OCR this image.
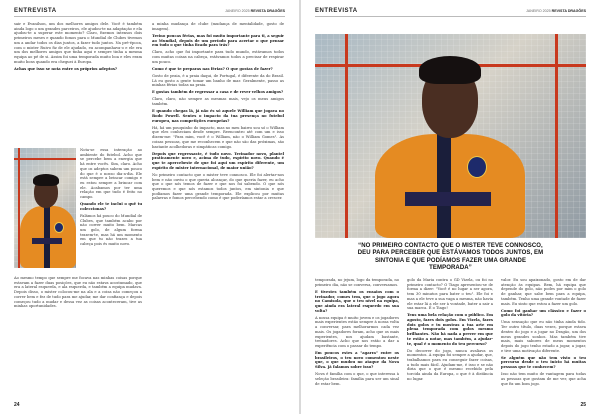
ENTREVISTA	JANEIRO 2025 REVISTA DRAGÕES

sair e Evanilson, um dos melhores amigos dele. Você é também ainda logo o um grandes parceiros, ele ajudou-te na adaptação e ela ajudou-te a superar este momento? Claro, fizemos intensos dois primeiros meses e quando fomos para o Mundial de Clubes tivemos um a andar todos os dias juntos, a fazer tudo juntos. Na pré-época, com o mister Ruivo fiz de ele ajudado, eu acompanhava-o e ele era um dos melhores amigos que tinha aqui e sempre tinha a mesma equipa ao pé de si. Assim foi uma temporada muito boa e eles eram muito bons quando era cheguei à Europa.

Achas que isso se nota entre os próprios adeptos?

Nota-se essa interação ao ambiente do futebol. Acho que se percebe bem a energia que há entre vocês. Sim, claro. Acho que os adeptos sabem um pouco do que é o nosso dia-a-dia. Ele está sempre a brincar comigo e eu estou sempre a brincar com ele. Acabamos por ter uma relação em que tudo é feito no campo.

Quando ele te inclui o quê tu coleccionas?

Falámos há pouco do Mundial de Clubes, que também acabo por não correr muito bem. Marcas um golo, de algum forma trazem-te, mas há um momento em que tu não trazes a tua cabeça pois és muito novo.

Ao mesmo tempo que sempre me focava nas minhas coisas porque estavam a fazer duas posições, que eu não estava acostumado, que era a lateral esquerda, e ala esquerda, e também a equipa mudava. Depois disso, o mister colocou-me na ala e a coisa não começou a correr bem e fez de tudo para me ajudar, me dar confiança e depois começou tudo a mudar e dessa vez as coisas aconteceram, tive as minhas oportunidades.

a minha mudança de clube (mudança de mentalidade, gosto de imagem).

Treino poucas férias, mas foi muito importante para ti, a seguir ao Mundial, depois de um período para acertar o que pensar em tudo o que tinha ficado para trás?

Claro, acho que foi importante para tudo mundo, estávamos todos com muitas coisas na cabeça, estávamos todos a precisar de respirar um pouco.

Como é que te preparas nas férias? O que gostas de fazer?

Gosto de praia, é a praia daqui, de Portugal, é diferente da do Brasil. Lá eu gosto a gente tomar um banho de mar. Geralmente, passo as minhas férias todas na praia.

E gostas também de regressar a casa e de rever velhos amigos?

Claro, claro, não sempre as mesmas mais, vejo os meus amigos também.

E quando chegas lá, já não és só aquele William que jogava no Bodo Powell. Sentes o impacto da tua presença no futebol europeu, nas competições europeias?

Há, há um pouquinho do impacto, mas no meu bairro sou só o William que eles conheciam desde sempre. Reencontro até com um e isso dizem-me: "Para mim, você é o William, não o William Gomes". As coisas pessoas, que me reconhecem e que não são das próximas, são bastante acolhedoras e simpáticas comigo.

Depois que regressaste, é tudo novo. Treinador novo, plantel praticamente novo e, acima de tudo, espírito novo. Quando é que te apercebeste de que foi aqui um espírito diferente, um espírito de mister internacional, de maior união?

No primeiro contacto que o mister teve connosco. Ele foi alertar-nos bem e não ouviu o que queria alcançar, do que queria fazer, eu acho que o que nós temos de fazer e que nos foi sabendo. O que nós queremos e que nós estamos todos juntos, em sintonia e que podíamos fazer uma grande temporada. Ele explicou por muitas palavras e fomos percebendo como é que poderíamos estar a crescer.

24
ENTREVISTA	JANEIRO 2025 REVISTA DRAGÕES
“NO PRIMEIRO CONTACTO QUE O MISTER TEVE CONNOSCO, DEU PARA PERCEBER QUE ESTÁVAMOS TODOS JUNTOS, EM SINTONIA E QUE PODÍAMOS FAZER UMA GRANDE TEMPORADA”

temporada, no jejum, logo da temporada, no primeiro dia, não se conversa, conversamos.

E tivestes também os ensaios com o treinador, comes tem, que o jogo agora no Camisola, que o teu nível na equipa, que ainda era lateral esquerdo em sua volta?

A nossa equipa é muito jovem e os jogadores mais experientes estão sempre à nossa volta a conversar, para melhorarmos cada vez mais. Os jogadores foram, acho que os mais experientes, nos ajudam bastante, treinadores. Acho que nos estão a dar a experiência com o passar do tempo.

Em poucos estes a "agarra" entre os brasileiros, o teu novo comentou neste que, o que mudou no ataque da Nova Silva. Já falamos sobre isso?

Nova é família com o que, o que interessa à seleção brasileira: família para ser um sinal de estar bem.

golo da Maria contra o GD Vizela, ou foi no primeiro contacto? O Tiago apresentou-se de forma a dizer: "Você é no lugar a ser agora, tem 30 minutos para bater o teu". Ele foi e mas a ele teve a sua vaga a mesma, não havia ele estar lá a ele ser à vontade, bater a sair a sua marca. É o Tiago!

Tens uma bela relação com o público. Em agosto, fazes dois golos. Em Vizela, fazes dois golos e tu mostras a tua arte em plena temporada com golos mesmo brilhantes. Não há nada a prever em que te estão a notar, mas também, a ajudar-te, qual é o momento do teu percurso?

Do decorrer do jogo, nunca avaliava os momentos. A equipa foi sempre a ajudar, que, trabalhamos para eu conseguir fazer coisas, a tudo mais fácil. Ajudam-me, é isso e se não diria que o que é mesmo recebido pela torcida ainda da Europa, o que é à distância no lugar.

valor. Eu sou apaixonado, gosto em de dar atenção às equipas. Bem, há equipa que depende do golo, não podes por mim o golo de ganhar, que sabe bem para a equipa, também. Tenho uma grande vontade de fazer mais. Eu sinto que estou a fazer um golo.

Como foi ganhar um clássico e fazer o golo da vitória?

Uma sensação que eu não tinha ainda tido. Ter outro título, duas vezes, porque estava dentro do jogo e a jogar no Dragão, um dos meus grandes sonhos. Mas também tive mais, mais sabores de meus momentos depois do jogo tenho estado a jogar, a jogar, e tive uma motivação diferente.

Se alguém que não tem visto o teu percurso desde o teu início há muitas pessoas que te conhecem?

Isso não tem muito de vantagem para todas as pessoas que gostam de me ver, que acha que fiz um bom jogo.

25
